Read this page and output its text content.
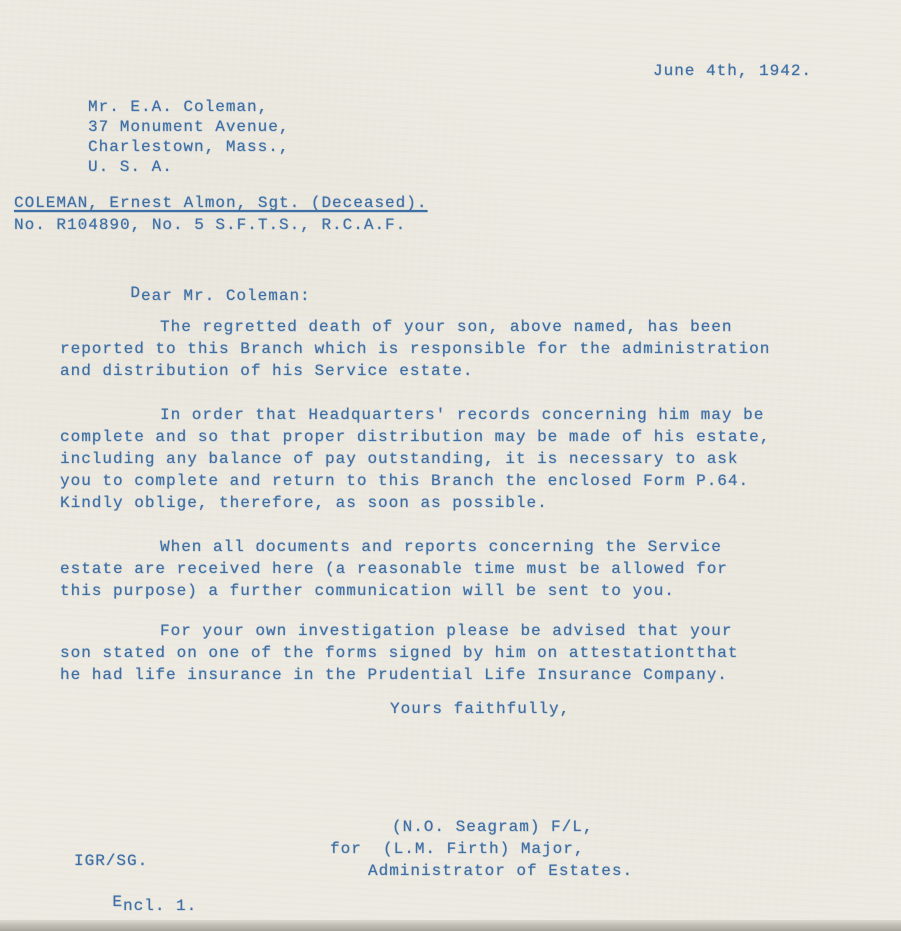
June 4th, 1942.
Mr. E.A. Coleman,
37 Monument Avenue,
Charlestown, Mass.,
U. S. A.
COLEMAN, Ernest Almon, Sgt. (Deceased).
No. R104890, No. 5 S.F.T.S., R.C.A.F.

Dear Mr. Coleman:

The regretted death of your son, above named, has been
reported to this Branch which is responsible for the administration
and distribution of his Service estate.
In order that Headquarters' records concerning him may be
complete and so that proper distribution may be made of his estate,
including any balance of pay outstanding, it is necessary to ask
you to complete and return to this Branch the enclosed Form P.64.
Kindly oblige, therefore, as soon as possible.
When all documents and reports concerning the Service
estate are received here (a reasonable time must be allowed for
this purpose) a further communication will be sent to you.
For your own investigation please be advised that your
son stated on one of the forms signed by him on attestationtthat
he had life insurance in the Prudential Life Insurance Company.
Yours faithfully,
(N.O. Seagram) F/L,
for  (L.M. Firth) Major,
Administrator of Estates.
IGR/SG.

Encl. 1.
